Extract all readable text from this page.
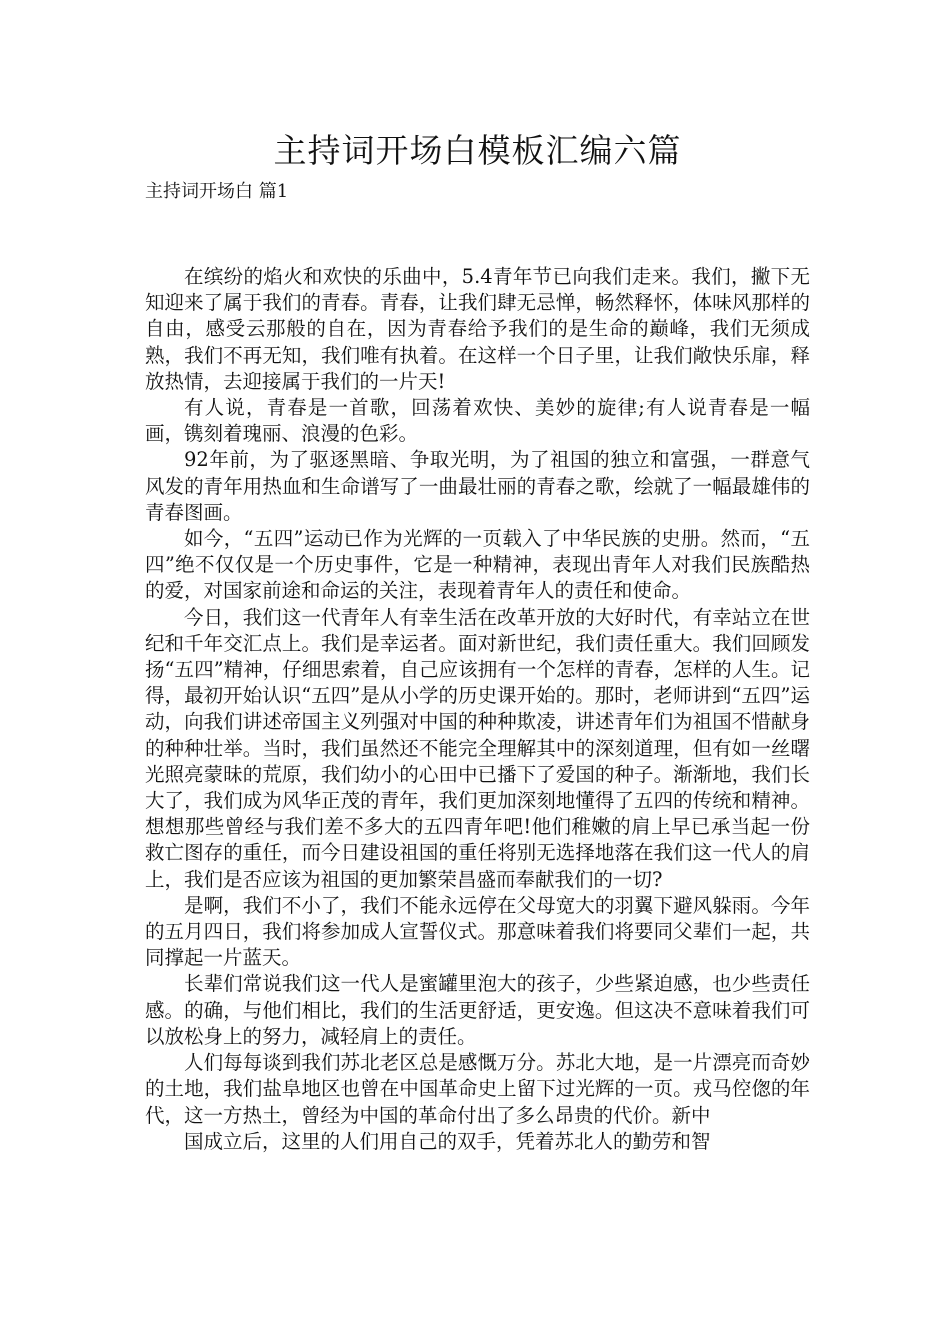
主持词开场白模板汇编六篇
主持词开场白 篇1

在缤纷的焰火和欢快的乐曲中，5.4青年节已向我们走来。我们，撇下无知迎来了属于我们的青春。青春，让我们肆无忌惮，畅然释怀，体味风那样的自由，感受云那般的自在，因为青春给予我们的是生命的巅峰，我们无须成熟，我们不再无知，我们唯有执着。在这样一个日子里，让我们敞快乐扉，释放热情，去迎接属于我们的一片天!

有人说，青春是一首歌，回荡着欢快、美妙的旋律;有人说青春是一幅画，镌刻着瑰丽、浪漫的色彩。

92年前，为了驱逐黑暗、争取光明，为了祖国的独立和富强，一群意气风发的青年用热血和生命谱写了一曲最壮丽的青春之歌，绘就了一幅最雄伟的青春图画。

如今，“五四”运动已作为光辉的一页载入了中华民族的史册。然而，“五四”绝不仅仅是一个历史事件，它是一种精神，表现出青年人对我们民族酷热的爱，对国家前途和命运的关注，表现着青年人的责任和使命。

今日，我们这一代青年人有幸生活在改革开放的大好时代，有幸站立在世纪和千年交汇点上。我们是幸运者。面对新世纪，我们责任重大。我们回顾发扬“五四”精神，仔细思索着，自己应该拥有一个怎样的青春，怎样的人生。记得，最初开始认识“五四”是从小学的历史课开始的。那时，老师讲到“五四”运动，向我们讲述帝国主义列强对中国的种种欺凌，讲述青年们为祖国不惜献身的种种壮举。当时，我们虽然还不能完全理解其中的深刻道理，但有如一丝曙光照亮蒙昧的荒原，我们幼小的心田中已播下了爱国的种子。渐渐地，我们长大了，我们成为风华正茂的青年，我们更加深刻地懂得了五四的传统和精神。想想那些曾经与我们差不多大的五四青年吧!他们稚嫩的肩上早已承当起一份救亡图存的重任，而今日建设祖国的重任将别无选择地落在我们这一代人的肩上，我们是否应该为祖国的更加繁荣昌盛而奉献我们的一切?

是啊，我们不小了，我们不能永远停在父母宽大的羽翼下避风躲雨。今年的五月四日，我们将参加成人宣誓仪式。那意味着我们将要同父辈们一起，共同撑起一片蓝天。

长辈们常说我们这一代人是蜜罐里泡大的孩子，少些紧迫感，也少些责任感。的确，与他们相比，我们的生活更舒适，更安逸。但这决不意味着我们可以放松身上的努力，减轻肩上的责任。

人们每每谈到我们苏北老区总是感慨万分。苏北大地，是一片漂亮而奇妙的土地，我们盐阜地区也曾在中国革命史上留下过光辉的一页。戎马倥偬的年代，这一方热土，曾经为中国的革命付出了多么昂贵的代价。新中

国成立后，这里的人们用自己的双手，凭着苏北人的勤劳和智
